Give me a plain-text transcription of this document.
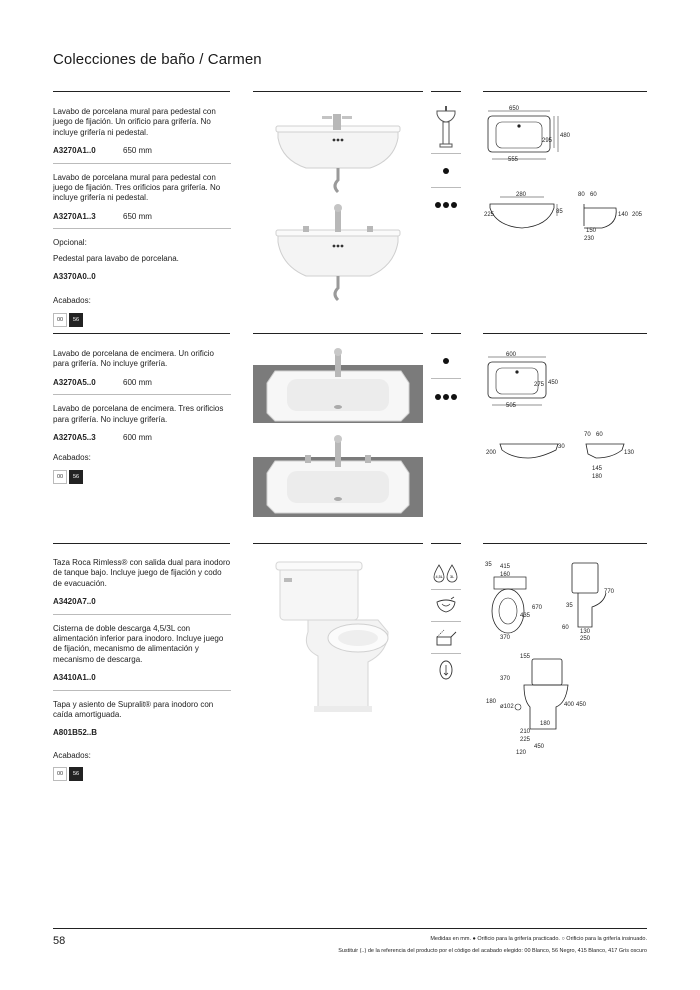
Colecciones de baño / Carmen
Lavabo de porcelana mural para pedestal con juego de fijación. Un orificio para grifería. No incluye grifería ni pedestal.
A3270A1..0	650 mm
Lavabo de porcelana mural para pedestal con juego de fijación. Tres orificios para grifería. No incluye grifería ni pedestal.
A3270A1..3	650 mm
Opcional:
Pedestal para lavabo de porcelana.
A3370A0..0
Acabados:
00	56
650
295
480
555
280
225	85
80 60
140 205
150
230
Lavabo de porcelana de encimera. Un orificio para grifería. No incluye grifería.
A3270A5..0	600 mm
Lavabo de porcelana de encimera. Tres orificios para grifería. No incluye grifería.
A3270A5..3	600 mm
Acabados:
00	56
600
275 450
505
200
30
70 60
130
145
180
Taza Roca Rimless® con salida dual para inodoro de tanque bajo. Incluye juego de fijación y codo de evacuación.
A3420A7..0
Cisterna de doble descarga 4,5/3L con alimentación inferior para inodoro. Incluye juego de fijación, mecanismo de alimentación y mecanismo de descarga.
A3410A1..0
Tapa y asiento de Supralit® para inodoro con caída amortiguada.
A801B52..B
Acabados:
00	56
4,5L 3L
35 415
160
670
435
370
770
35
60
130
250
155
370
180
ø102	400 450
180
210
225
450
120
58	Medidas en mm. ● Orificio para la grifería practicado. ○ Orificio para la grifería insinuado.
Sustituir (..) de la referencia del producto por el código del acabado elegido: 00 Blanco, 56 Negro, 415 Blanco, 417 Gris oscuro
